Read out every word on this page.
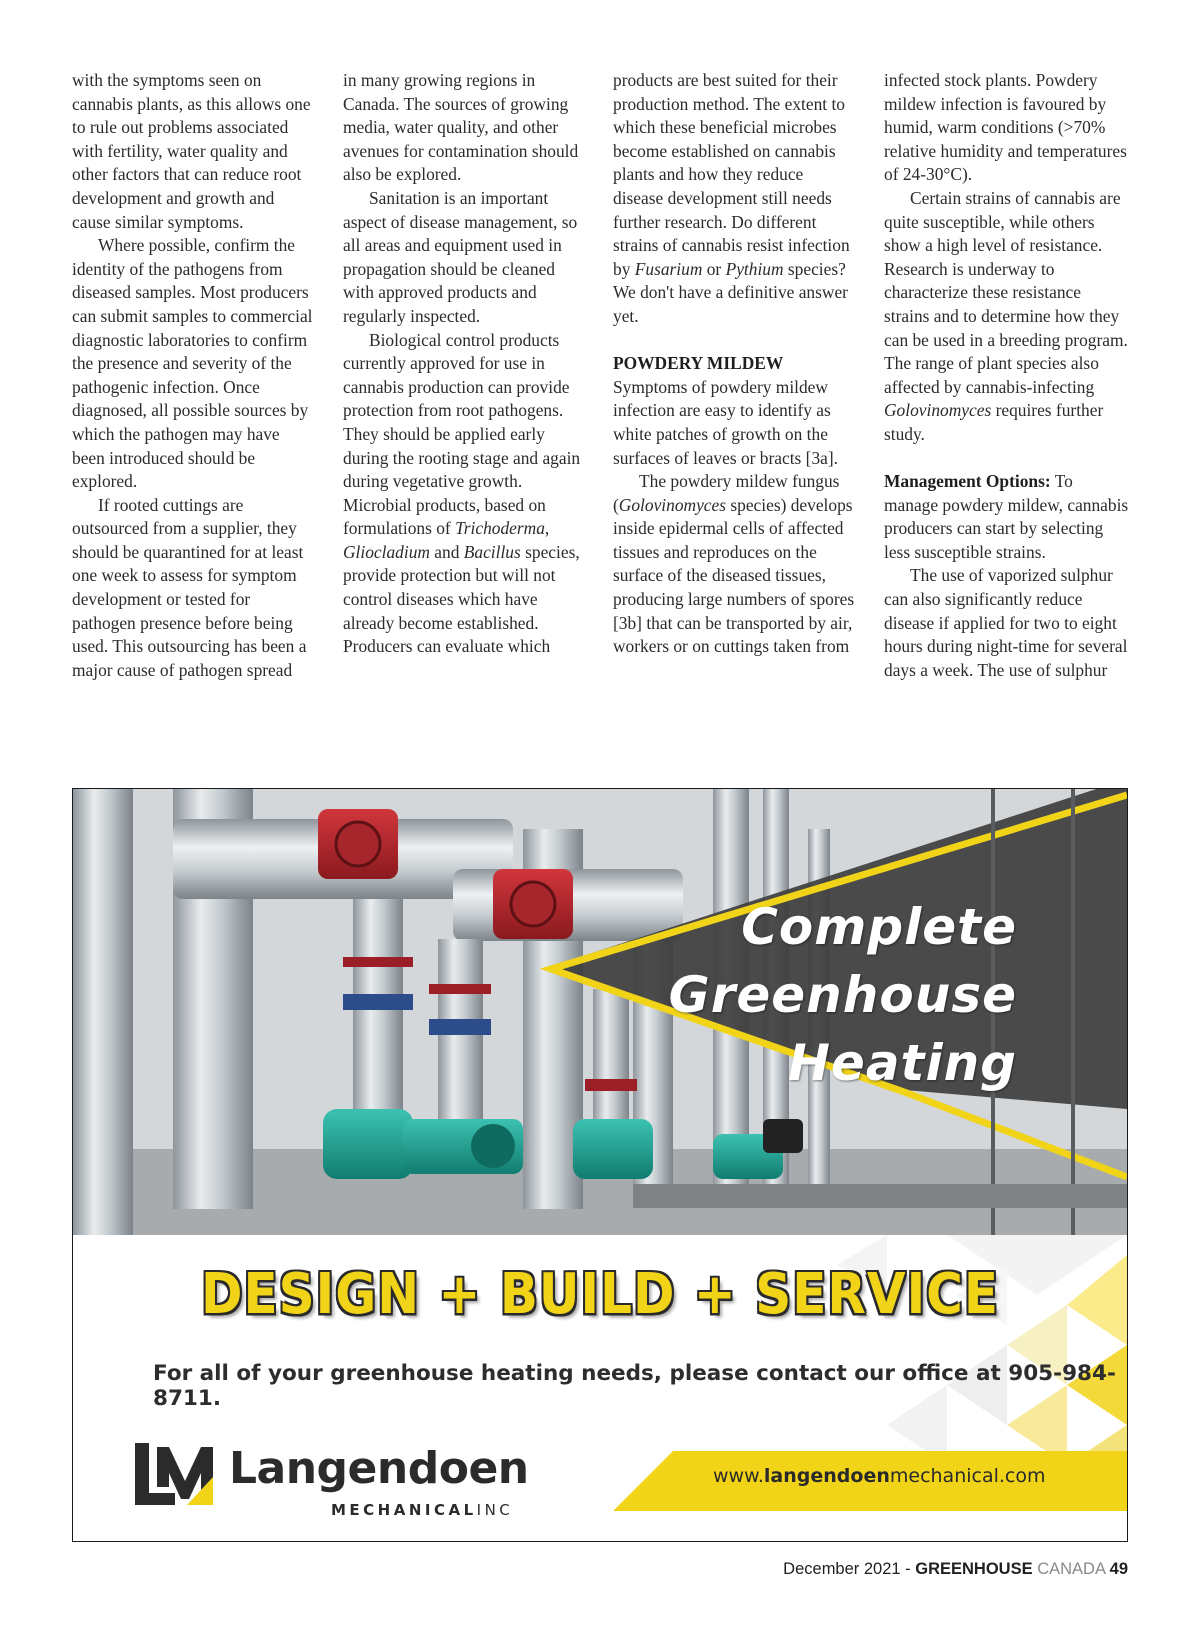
with the symptoms seen on cannabis plants, as this allows one to rule out problems associated with fertility, water quality and other factors that can reduce root development and growth and cause similar symptoms.

Where possible, confirm the identity of the pathogens from diseased samples. Most producers can submit samples to commercial diagnostic laboratories to confirm the presence and severity of the pathogenic infection. Once diagnosed, all possible sources by which the pathogen may have been introduced should be explored.

If rooted cuttings are outsourced from a supplier, they should be quarantined for at least one week to assess for symptom development or tested for pathogen presence before being used. This outsourcing has been a major cause of pathogen spread

in many growing regions in Canada. The sources of growing media, water quality, and other avenues for contamination should also be explored.

Sanitation is an important aspect of disease management, so all areas and equipment used in propagation should be cleaned with approved products and regularly inspected.

Biological control products currently approved for use in cannabis production can provide protection from root pathogens. They should be applied early during the rooting stage and again during vegetative growth. Microbial products, based on formulations of Trichoderma, Gliocladium and Bacillus species, provide protection but will not control diseases which have already become established. Producers can evaluate which

products are best suited for their production method. The extent to which these beneficial microbes become established on cannabis plants and how they reduce disease development still needs further research. Do different strains of cannabis resist infection by Fusarium or Pythium species? We don't have a definitive answer yet.

POWDERY MILDEW

Symptoms of powdery mildew infection are easy to identify as white patches of growth on the surfaces of leaves or bracts [3a].

The powdery mildew fungus (Golovinomyces species) develops inside epidermal cells of affected tissues and reproduces on the surface of the diseased tissues, producing large numbers of spores [3b] that can be transported by air, workers or on cuttings taken from

infected stock plants. Powdery mildew infection is favoured by humid, warm conditions (>70% relative humidity and temperatures of 24-30°C).

Certain strains of cannabis are quite susceptible, while others show a high level of resistance. Research is underway to characterize these resistance strains and to determine how they can be used in a breeding program. The range of plant species also affected by cannabis-infecting Golovinomyces requires further study.

Management Options: To manage powdery mildew, cannabis producers can start by selecting less susceptible strains.

The use of vaporized sulphur can also significantly reduce disease if applied for two to eight hours during night-time for several days a week. The use of sulphur

Complete
Greenhouse
Heating
DESIGN + BUILD + SERVICE
For all of your greenhouse heating needs, please contact our office at 905-984-8711.
Langendoen
MECHANICALINC
www.langendoenmechanical.com
December 2021 - GREENHOUSE CANADA 49
